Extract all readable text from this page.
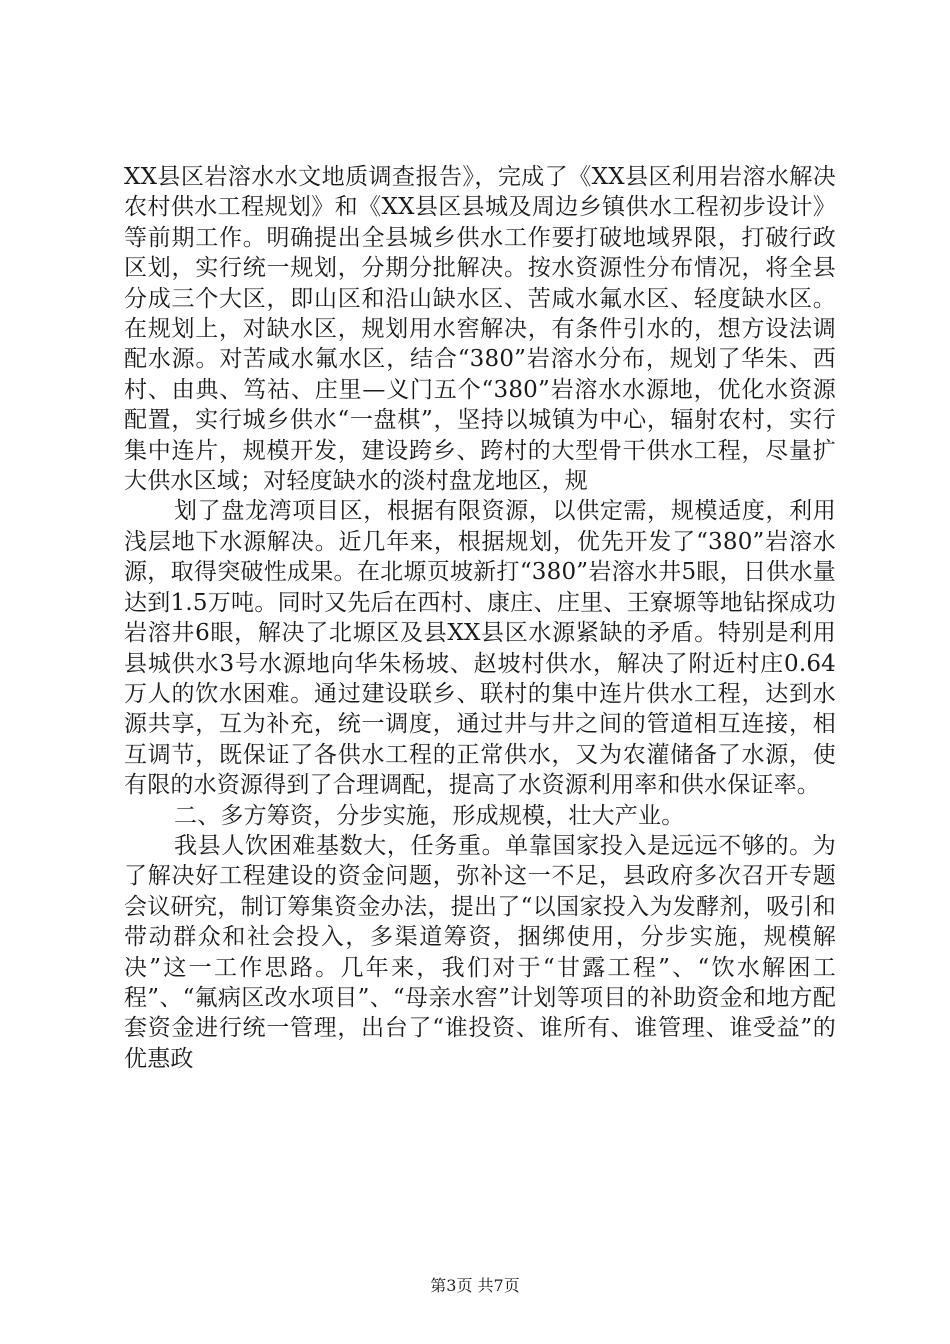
XX县区岩溶水水文地质调查报告》，完成了《XX县区利用岩溶水解决农村供水工程规划》和《XX县区县城及周边乡镇供水工程初步设计》等前期工作。明确提出全县城乡供水工作要打破地域界限，打破行政区划，实行统一规划，分期分批解决。按水资源性分布情况，将全县分成三个大区，即山区和沿山缺水区、苦咸水氟水区、轻度缺水区。在规划上，对缺水区，规划用水窖解决，有条件引水的，想方设法调配水源。对苦咸水氟水区，结合“380”岩溶水分布，规划了华朱、西村、由典、笃祜、庄里—义门五个“380”岩溶水水源地，优化水资源配置，实行城乡供水“一盘棋”，坚持以城镇为中心，辐射农村，实行集中连片，规模开发，建设跨乡、跨村的大型骨干供水工程，尽量扩大供水区域；对轻度缺水的淡村盘龙地区，规

划了盘龙湾项目区，根据有限资源，以供定需，规模适度，利用浅层地下水源解决。近几年来，根据规划，优先开发了“380”岩溶水源，取得突破性成果。在北塬页坡新打“380”岩溶水井5眼，日供水量达到1.5万吨。同时又先后在西村、康庄、庄里、王寮塬等地钻探成功岩溶井6眼，解决了北塬区及县XX县区水源紧缺的矛盾。特别是利用县城供水3号水源地向华朱杨坡、赵坡村供水，解决了附近村庄0.64万人的饮水困难。通过建设联乡、联村的集中连片供水工程，达到水源共享，互为补充，统一调度，通过井与井之间的管道相互连接，相互调节，既保证了各供水工程的正常供水，又为农灌储备了水源，使有限的水资源得到了合理调配，提高了水资源利用率和供水保证率。

二、多方筹资，分步实施，形成规模，壮大产业。

我县人饮困难基数大，任务重。单靠国家投入是远远不够的。为了解决好工程建设的资金问题，弥补这一不足，县政府多次召开专题会议研究，制订筹集资金办法，提出了“以国家投入为发酵剂，吸引和带动群众和社会投入，多渠道筹资，捆绑使用，分步实施，规模解决”这一工作思路。几年来，我们对于“甘露工程”、“饮水解困工程”、“氟病区改水项目”、“母亲水窖”计划等项目的补助资金和地方配套资金进行统一管理，出台了“谁投资、谁所有、谁管理、谁受益”的优惠政

第3页 共7页
